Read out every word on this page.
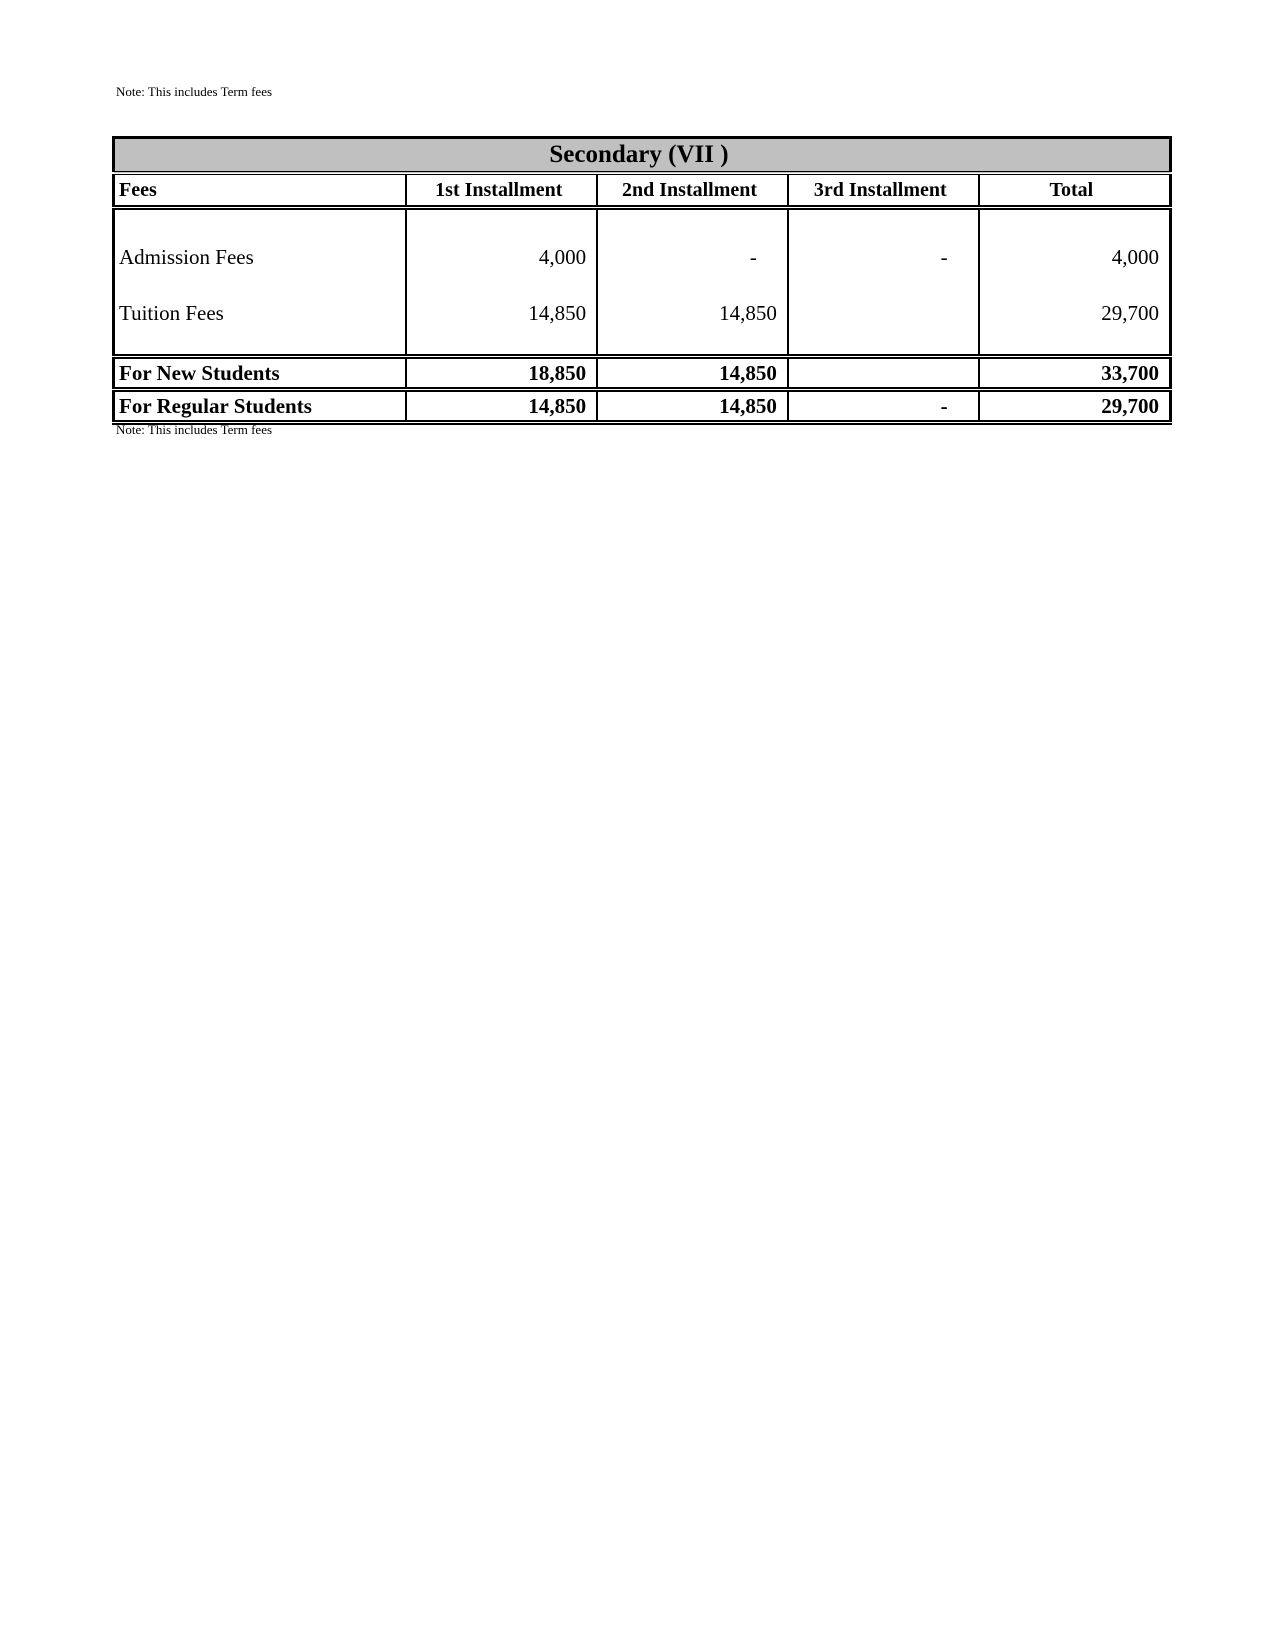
Note: This includes Term fees
Secondary (VII )				
Fees	1st Installment	2nd Installment	3rd Installment	Total
Admission Fees	4,000	-	-	4,000
Tuition Fees	14,850	14,850		29,700
For New Students	18,850	14,850		33,700
For Regular Students	14,850	14,850	-	29,700
Note: This includes Term fees
